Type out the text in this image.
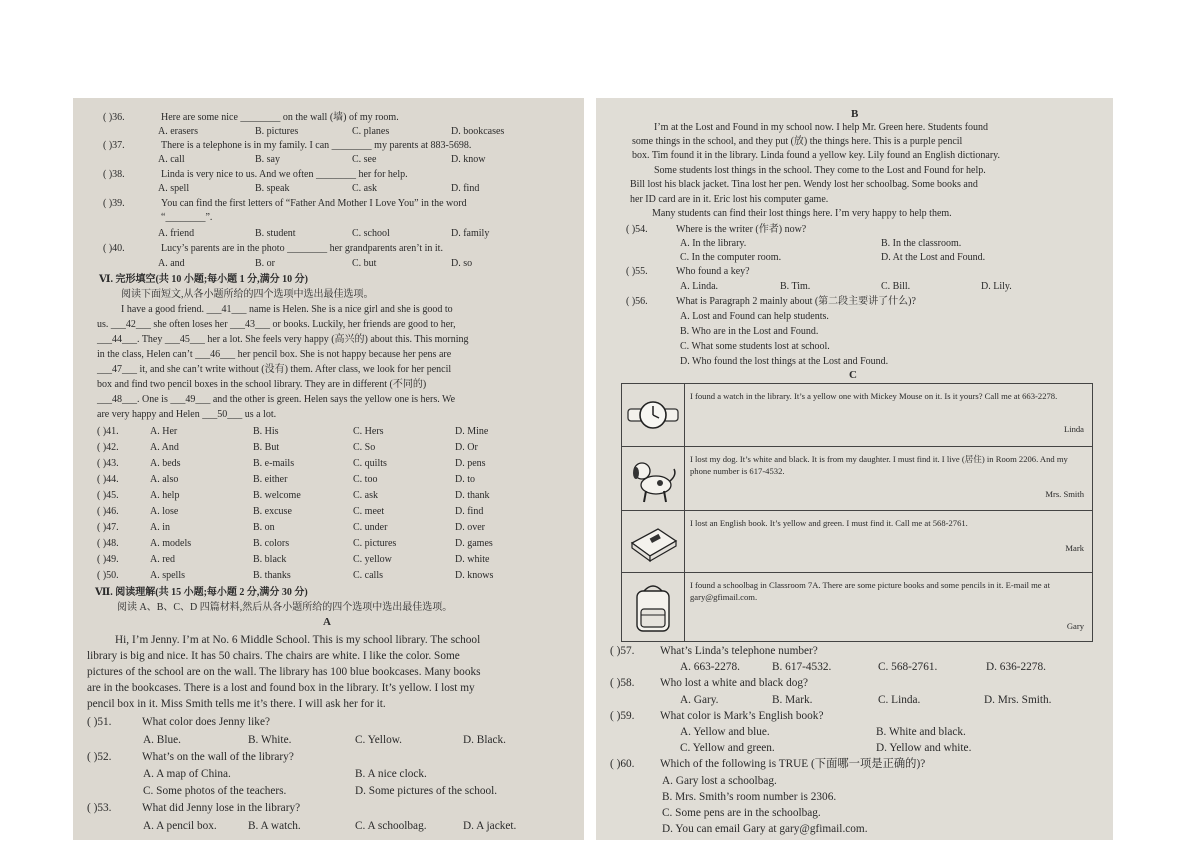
( )36.	Here are some nice ________ on the wall (墙) of my room.
A. erasers	B. pictures	C. planes	D. bookcases
( )37.	There is a telephone is in my family. I can ________ my parents at 883-5698.
A. call	B. say	C. see	D. know
( )38.	Linda is very nice to us. And we often ________ her for help.
A. spell	B. speak	C. ask	D. find
( )39.	You can find the first letters of “Father And Mother I Love You” in the word
“________”.
A. friend	B. student	C. school	D. family
( )40.	Lucy’s parents are in the photo ________ her grandparents aren’t in it.
A. and	B. or	C. but	D. so
Ⅵ. 完形填空(共 10 小题;每小题 1 分,满分 10 分)
阅读下面短文,从各小题所给的四个选项中选出最佳选项。
I have a good friend. ___41___ name is Helen. She is a nice girl and she is good to
us. ___42___ she often loses her ___43___ or books. Luckily, her friends are good to her,
___44___. They ___45___ her a lot. She feels very happy (高兴的) about this. This morning
in the class, Helen can’t ___46___ her pencil box. She is not happy because her pens are
___47___ it, and she can’t write without (没有) them. After class, we look for her pencil
box and find two pencil boxes in the school library. They are in different (不同的)
___48___. One is ___49___ and the other is green. Helen says the yellow one is hers. We
are very happy and Helen ___50___ us a lot.
( )41.	A. Her	B. His	C. Hers	D. Mine
( )42.	A. And	B. But	C. So	D. Or
( )43.	A. beds	B. e-mails	C. quilts	D. pens
( )44.	A. also	B. either	C. too	D. to
( )45.	A. help	B. welcome	C. ask	D. thank
( )46.	A. lose	B. excuse	C. meet	D. find
( )47.	A. in	B. on	C. under	D. over
( )48.	A. models	B. colors	C. pictures	D. games
( )49.	A. red	B. black	C. yellow	D. white
( )50.	A. spells	B. thanks	C. calls	D. knows
Ⅶ. 阅读理解(共 15 小题;每小题 2 分,满分 30 分)
阅读 A、B、C、D 四篇材料,然后从各小题所给的四个选项中选出最佳选项。
A
Hi, I’m Jenny. I’m at No. 6 Middle School. This is my school library. The school
library is big and nice. It has 50 chairs. The chairs are white. I like the color. Some
pictures of the school are on the wall. The library has 100 blue bookcases. Many books
are in the bookcases. There is a lost and found box in the library. It’s yellow. I lost my
pencil box in it. Miss Smith tells me it’s there. I will ask her for it.
( )51.	What color does Jenny like?
A. Blue.	B. White.	C. Yellow.	D. Black.
( )52.	What’s on the wall of the library?
A. A map of China.	B. A nice clock.
C. Some photos of the teachers.	D. Some pictures of the school.
( )53.	What did Jenny lose in the library?
A. A pencil box.	B. A watch.	C. A schoolbag.	D. A jacket.
B
I’m at the Lost and Found in my school now. I help Mr. Green here. Students found
some things in the school, and they put (放) the things here. This is a purple pencil
box. Tim found it in the library. Linda found a yellow key. Lily found an English dictionary.
Some students lost things in the school. They come to the Lost and Found for help.
Bill lost his black jacket. Tina lost her pen. Wendy lost her schoolbag. Some books and
her ID card are in it. Eric lost his computer game.
Many students can find their lost things here. I’m very happy to help them.
( )54.	Where is the writer (作者) now?
A. In the library.	B. In the classroom.
C. In the computer room.	D. At the Lost and Found.
( )55.	Who found a key?
A. Linda.	B. Tim.	C. Bill.	D. Lily.
( )56.	What is Paragraph 2 mainly about (第二段主要讲了什么)?
A. Lost and Found can help students.
B. Who are in the Lost and Found.
C. What some students lost at school.
D. Who found the lost things at the Lost and Found.
C
I found a watch in the library. It’s a yellow one with Mickey Mouse on it. Is it yours? Call me at 663-2278.
Linda
I lost my dog. It’s white and black. It is from my daughter. I must find it. I live (居住) in Room 2206. And my phone number is 617-4532.
Mrs. Smith
I lost an English book. It’s yellow and green. I must find it. Call me at 568-2761.
Mark
I found a schoolbag in Classroom 7A. There are some picture books and some pencils in it. E-mail me at gary@gfimail.com.
Gary
( )57. What’s Linda’s telephone number?
A. 663-2278.	B. 617-4532.	C. 568-2761.	D. 636-2278.
( )58. Who lost a white and black dog?
A. Gary.	B. Mark.	C. Linda.	D. Mrs. Smith.
( )59. What color is Mark’s English book?
A. Yellow and blue.	B. White and black.
C. Yellow and green.	D. Yellow and white.
( )60. Which of the following is TRUE (下面哪一项是正确的)?
A. Gary lost a schoolbag.
B. Mrs. Smith’s room number is 2306.
C. Some pens are in the schoolbag.
D. You can email Gary at gary@gfimail.com.
